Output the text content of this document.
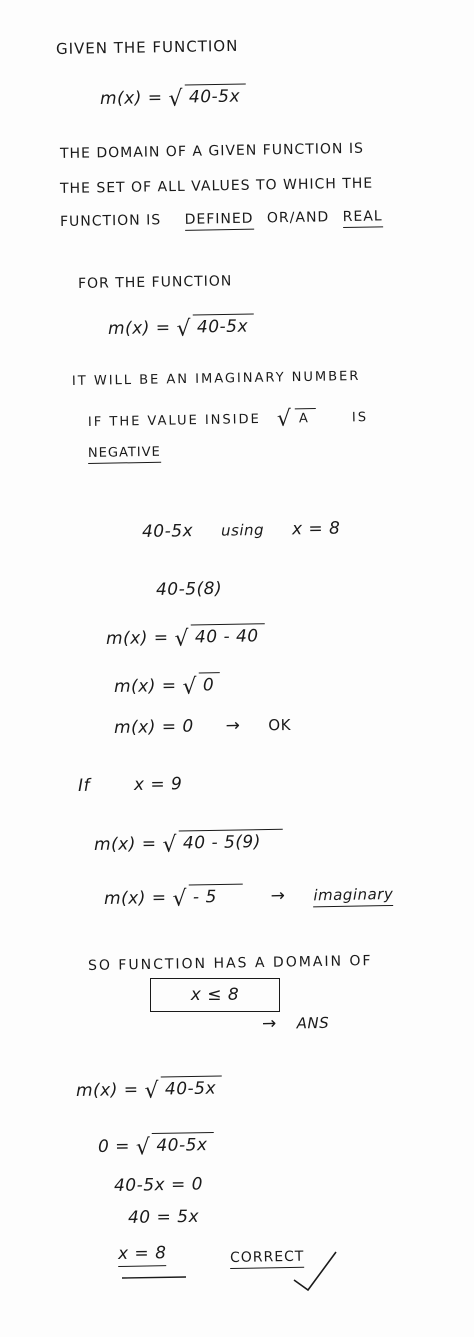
GIVEN THE FUNCTION
m(x) = √ 40-5x
THE DOMAIN OF A GIVEN FUNCTION IS
THE SET OF ALL VALUES TO WHICH THE
FUNCTION IS DEFINED OR/AND REAL
FOR THE FUNCTION
m(x) = √ 40-5x
IT WILL BE AN IMAGINARY NUMBER
IF THE VALUE INSIDE √ A	IS
NEGATIVE
40-5x using x = 8
40-5(8)
m(x) = √ 40 - 40
m(x) = √ 0
m(x) = 0 → OK
If	x = 9
m(x) = √ 40 - 5(9)
m(x) = √ - 5	→ imaginary
SO FUNCTION HAS A DOMAIN OF
x ≤ 8
→ ANS
m(x) = √ 40-5x
0 = √ 40-5x
40-5x = 0
40 = 5x
x = 8	CORRECT
